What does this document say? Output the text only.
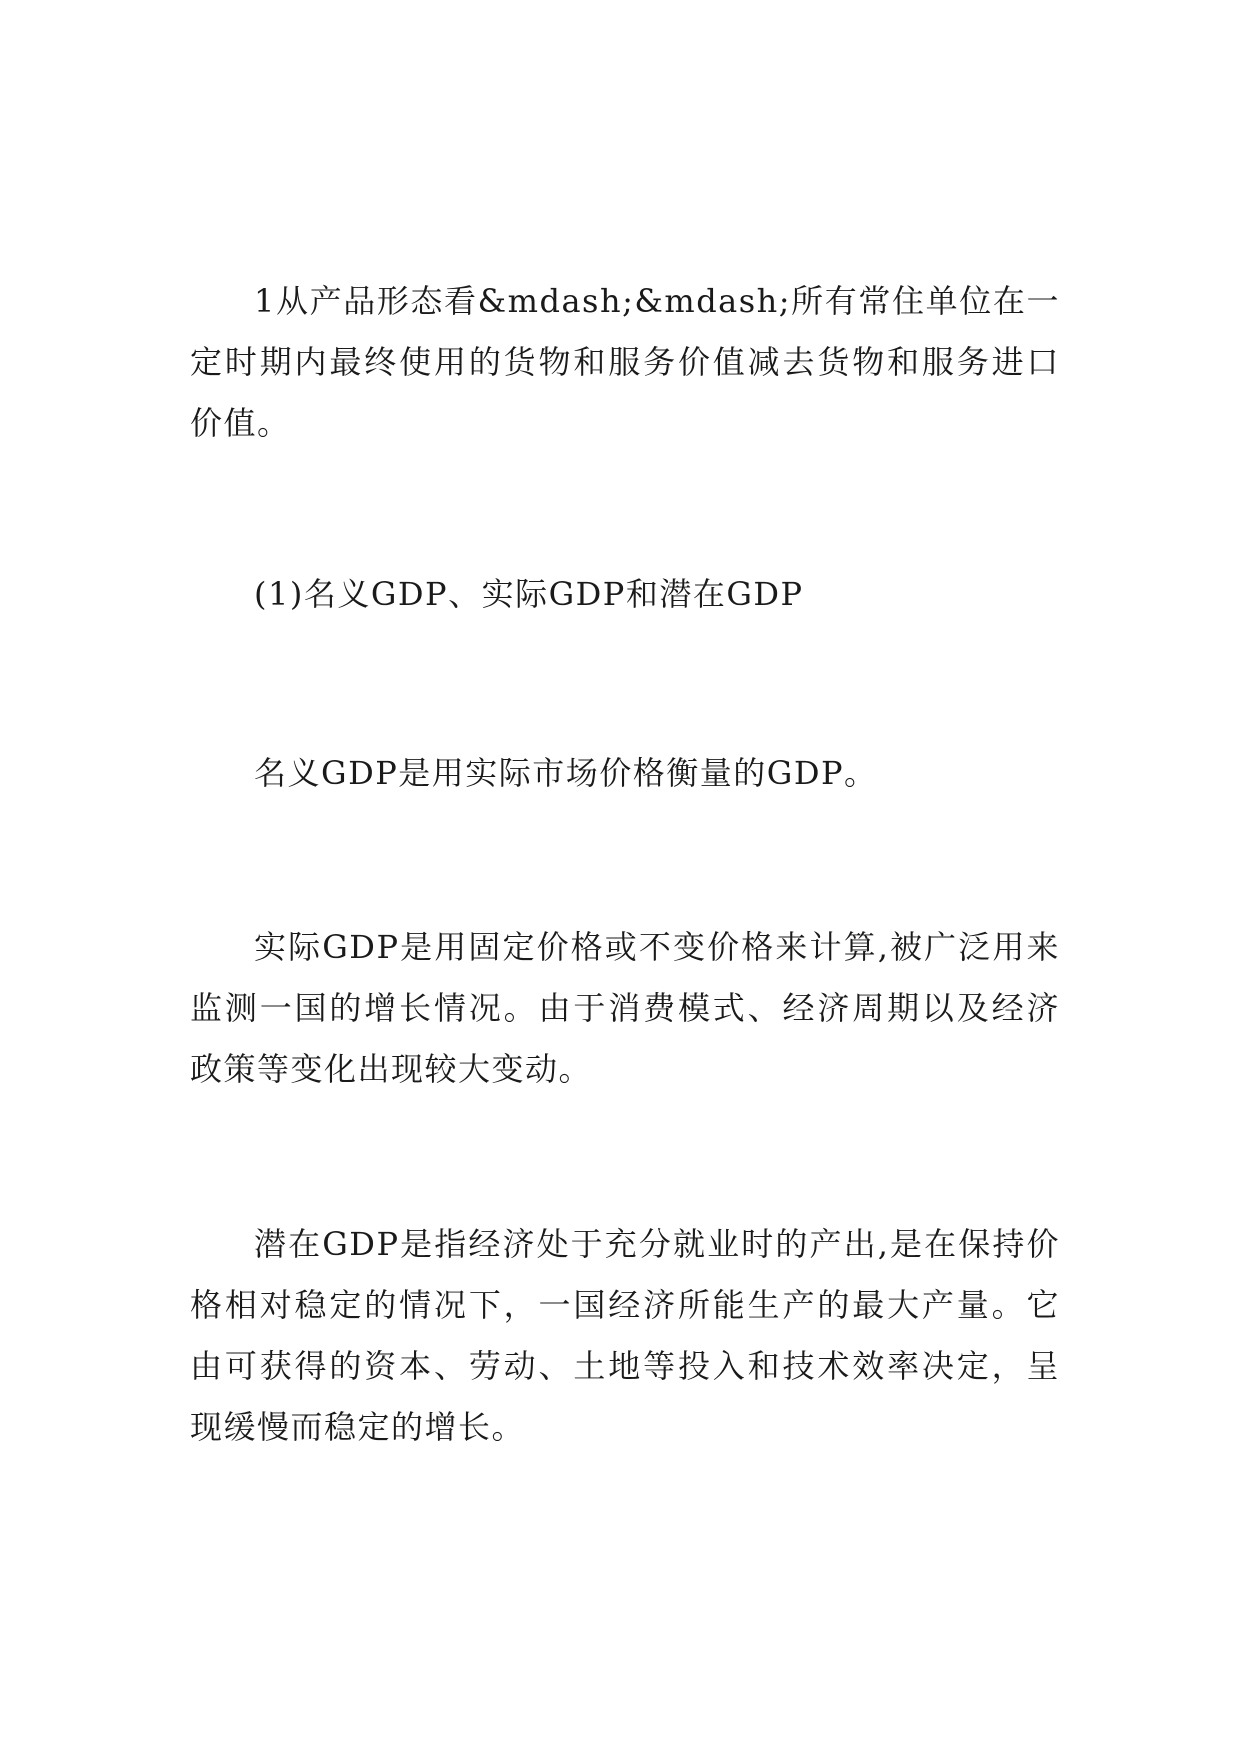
1从产品形态看&mdash;&mdash;所有常住单位在一定时期内最终使用的货物和服务价值减去货物和服务进口价值。

(1)名义GDP、实际GDP和潜在GDP

名义GDP是用实际市场价格衡量的GDP。

实际GDP是用固定价格或不变价格来计算,被广泛用来监测一国的增长情况。由于消费模式、经济周期以及经济政策等变化出现较大变动。

潜在GDP是指经济处于充分就业时的产出,是在保持价格相对稳定的情况下，一国经济所能生产的最大产量。它由可获得的资本、劳动、土地等投入和技术效率决定，呈现缓慢而稳定的增长。
